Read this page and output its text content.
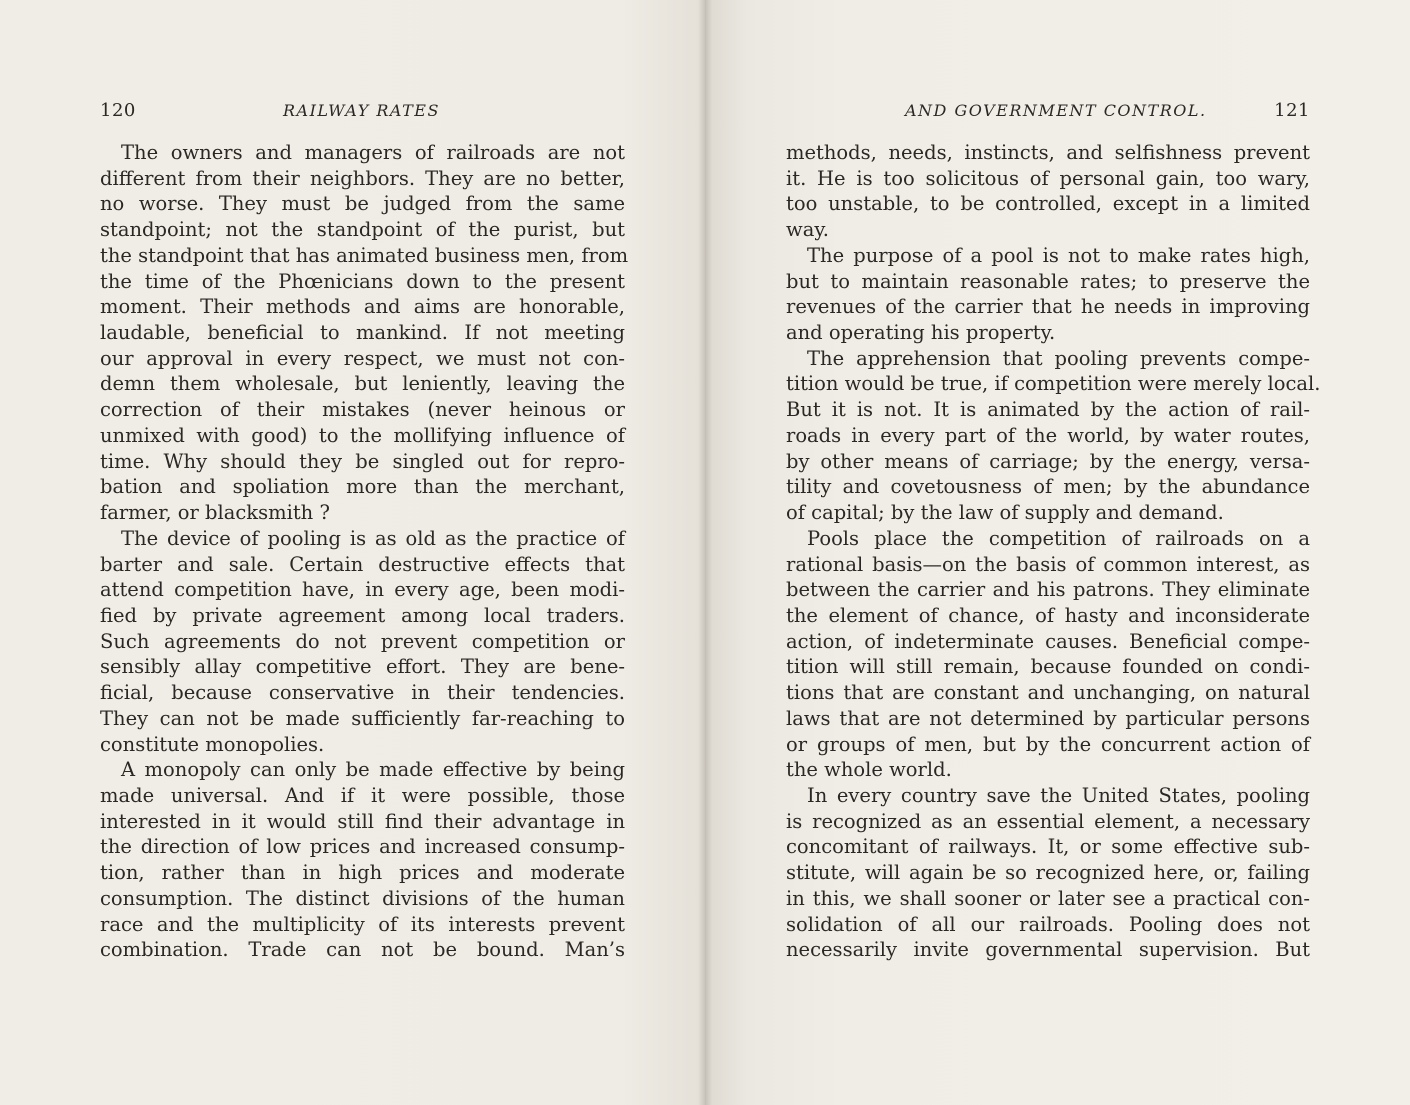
120	RAILWAY RATES
The owners and managers of railroads are not
different from their neighbors. They are no better,
no worse. They must be judged from the same
standpoint; not the standpoint of the purist, but
the standpoint that has animated business men, from
the time of the Phœnicians down to the present
moment. Their methods and aims are honorable,
laudable, beneficial to mankind. If not meeting
our approval in every respect, we must not con-
demn them wholesale, but leniently, leaving the
correction of their mistakes (never heinous or
unmixed with good) to the mollifying influence of
time. Why should they be singled out for repro-
bation and spoliation more than the merchant,
farmer, or blacksmith ?
The device of pooling is as old as the practice of
barter and sale. Certain destructive effects that
attend competition have, in every age, been modi-
fied by private agreement among local traders.
Such agreements do not prevent competition or
sensibly allay competitive effort. They are bene-
ficial, because conservative in their tendencies.
They can not be made sufficiently far-reaching to
constitute monopolies.
A monopoly can only be made effective by being
made universal. And if it were possible, those
interested in it would still find their advantage in
the direction of low prices and increased consump-
tion, rather than in high prices and moderate
consumption. The distinct divisions of the human
race and the multiplicity of its interests prevent
combination. Trade can not be bound. Man’s
AND GOVERNMENT CONTROL.	121
methods, needs, instincts, and selfishness prevent
it. He is too solicitous of personal gain, too wary,
too unstable, to be controlled, except in a limited
way.
The purpose of a pool is not to make rates high,
but to maintain reasonable rates; to preserve the
revenues of the carrier that he needs in improving
and operating his property.
The apprehension that pooling prevents compe-
tition would be true, if competition were merely local.
But it is not. It is animated by the action of rail-
roads in every part of the world, by water routes,
by other means of carriage; by the energy, versa-
tility and covetousness of men; by the abundance
of capital; by the law of supply and demand.
Pools place the competition of railroads on a
rational basis—on the basis of common interest, as
between the carrier and his patrons. They eliminate
the element of chance, of hasty and inconsiderate
action, of indeterminate causes. Beneficial compe-
tition will still remain, because founded on condi-
tions that are constant and unchanging, on natural
laws that are not determined by particular persons
or groups of men, but by the concurrent action of
the whole world.
In every country save the United States, pooling
is recognized as an essential element, a necessary
concomitant of railways. It, or some effective sub-
stitute, will again be so recognized here, or, failing
in this, we shall sooner or later see a practical con-
solidation of all our railroads. Pooling does not
necessarily invite governmental supervision. But
